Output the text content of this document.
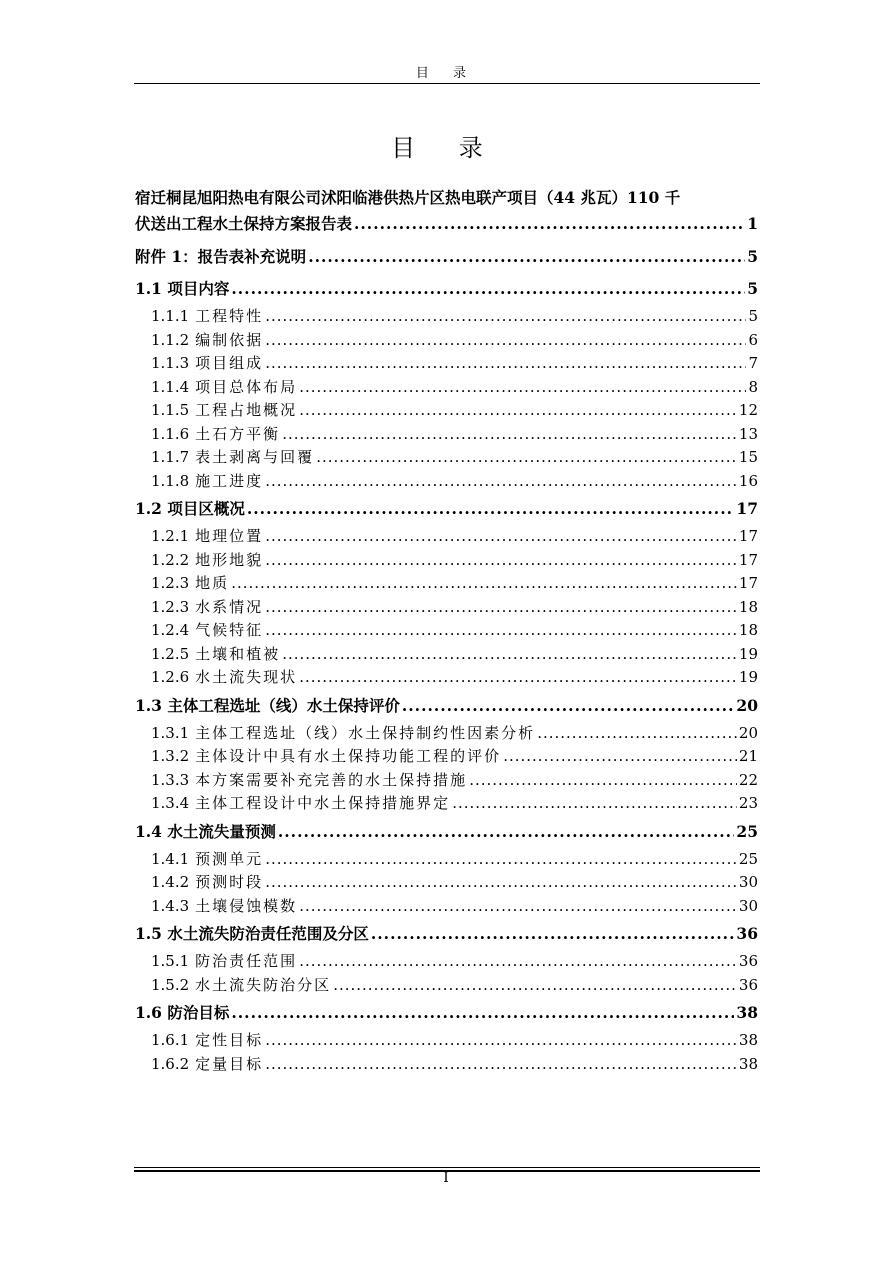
目 录
目 录
宿迁桐昆旭阳热电有限公司沭阳临港供热片区热电联产项目（44 兆瓦）110 千
伏送出工程水土保持方案报告表 .....	1
附件 1：报告表补充说明 .....	5
1.1 项目内容 .....	5
1.1.1 工程特性 .....	5
1.1.2 编制依据 .....	6
1.1.3 项目组成 .....	7
1.1.4 项目总体布局 .....	8
1.1.5 工程占地概况 .....	12
1.1.6 土石方平衡 .....	13
1.1.7 表土剥离与回覆 .....	15
1.1.8 施工进度 .....	16
1.2 项目区概况 .....	17
1.2.1 地理位置 .....	17
1.2.2 地形地貌 .....	17
1.2.3 地质 .....	17
1.2.3 水系情况 .....	18
1.2.4 气候特征 .....	18
1.2.5 土壤和植被 .....	19
1.2.6 水土流失现状 .....	19
1.3 主体工程选址（线）水土保持评价 .....	20
1.3.1 主体工程选址（线）水土保持制约性因素分析 .....	20
1.3.2 主体设计中具有水土保持功能工程的评价 .....	21
1.3.3 本方案需要补充完善的水土保持措施 .....	22
1.3.4 主体工程设计中水土保持措施界定 .....	23
1.4 水土流失量预测 .....	25
1.4.1 预测单元 .....	25
1.4.2 预测时段 .....	30
1.4.3 土壤侵蚀模数 .....	30
1.5 水土流失防治责任范围及分区 .....	36
1.5.1 防治责任范围 .....	36
1.5.2 水土流失防治分区 .....	36
1.6 防治目标 .....	38
1.6.1 定性目标 .....	38
1.6.2 定量目标 .....	38
I
